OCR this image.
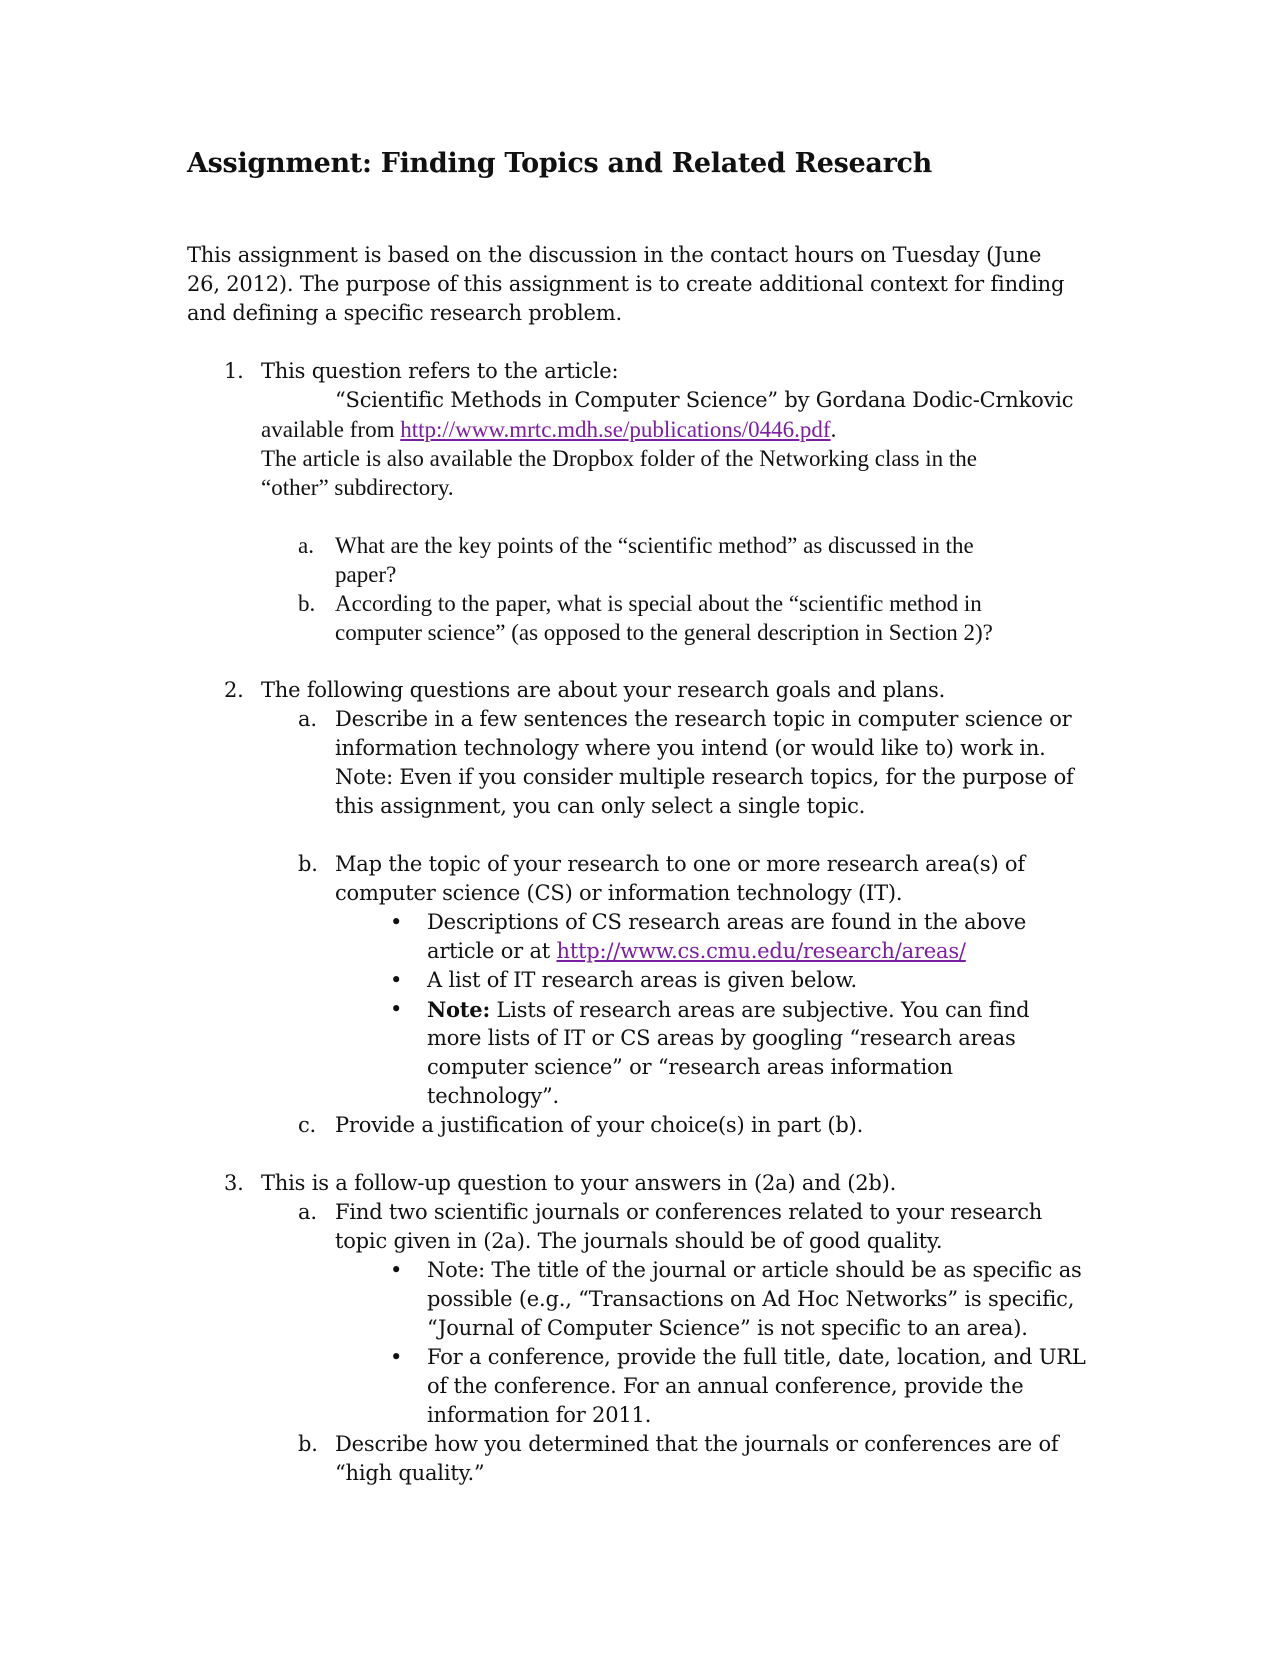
Assignment: Finding Topics and Related Research
This assignment is based on the discussion in the contact hours on Tuesday (June
26, 2012). The purpose of this assignment is to create additional context for finding
and defining a specific research problem.
1. This question refers to the article:
“Scientific Methods in Computer Science” by Gordana Dodic-Crnkovic
available from http://www.mrtc.mdh.se/publications/0446.pdf.
The article is also available the Dropbox folder of the Networking class in the
“other” subdirectory.
a. What are the key points of the “scientific method” as discussed in the
paper?
b. According to the paper, what is special about the “scientific method in
computer science” (as opposed to the general description in Section 2)?
2. The following questions are about your research goals and plans.
a. Describe in a few sentences the research topic in computer science or
information technology where you intend (or would like to) work in.
Note: Even if you consider multiple research topics, for the purpose of
this assignment, you can only select a single topic.
b. Map the topic of your research to one or more research area(s) of
computer science (CS) or information technology (IT).
• Descriptions of CS research areas are found in the above
article or at http://www.cs.cmu.edu/research/areas/
• A list of IT research areas is given below.
• Note: Lists of research areas are subjective. You can find
more lists of IT or CS areas by googling “research areas
computer science” or “research areas information
technology”.
c. Provide a justification of your choice(s) in part (b).
3. This is a follow-up question to your answers in (2a) and (2b).
a. Find two scientific journals or conferences related to your research
topic given in (2a). The journals should be of good quality.
• Note: The title of the journal or article should be as specific as
possible (e.g., “Transactions on Ad Hoc Networks” is specific,
“Journal of Computer Science” is not specific to an area).
• For a conference, provide the full title, date, location, and URL
of the conference. For an annual conference, provide the
information for 2011.
b. Describe how you determined that the journals or conferences are of
“high quality.”
